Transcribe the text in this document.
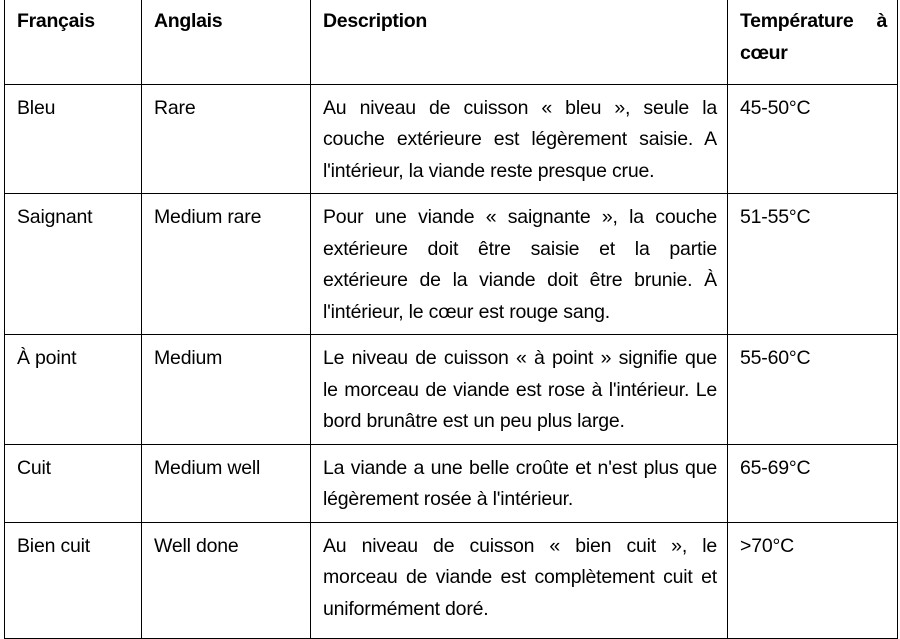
Français	Anglais	Description	Température à cœur
Bleu	Rare	Au niveau de cuisson « bleu », seule la couche extérieure est légèrement saisie. A l'intérieur, la viande reste presque crue.	45-50°C
Saignant	Medium rare	Pour une viande « saignante », la couche extérieure doit être saisie et la partie extérieure de la viande doit être brunie. À l'intérieur, le cœur est rouge sang.	51-55°C
À point	Medium	Le niveau de cuisson « à point » signifie que le morceau de viande est rose à l'intérieur. Le bord brunâtre est un peu plus large.	55-60°C
Cuit	Medium well	La viande a une belle croûte et n'est plus que légèrement rosée à l'intérieur.	65-69°C
Bien cuit	Well done	Au niveau de cuisson « bien cuit », le morceau de viande est complètement cuit et uniformément doré.	>70°C
